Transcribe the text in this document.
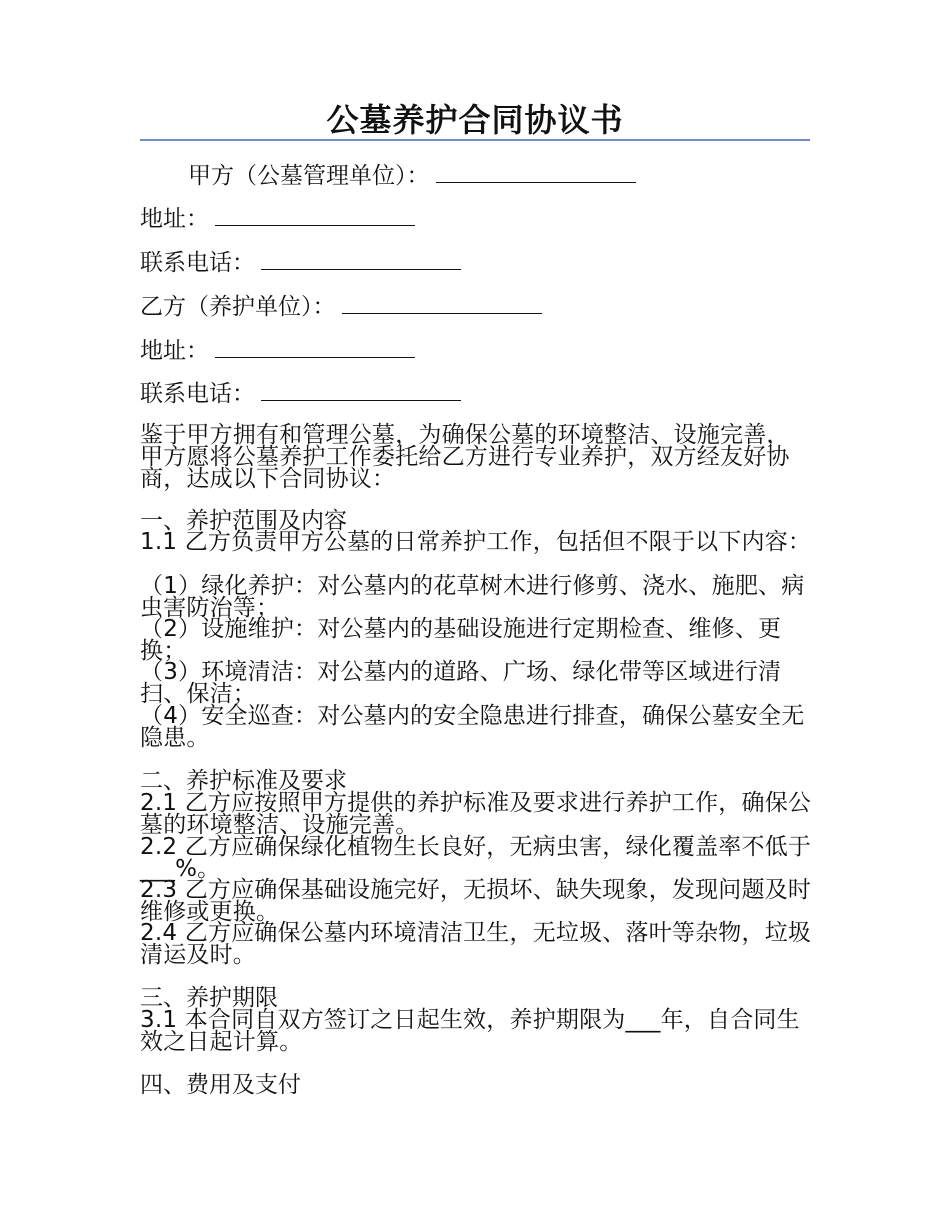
公墓养护合同协议书
甲方（公墓管理单位）：
地址：
联系电话：
乙方（养护单位）：
地址：
联系电话：
鉴于甲方拥有和管理公墓，为确保公墓的环境整洁、设施完善，甲方愿将公墓养护工作委托给乙方进行专业养护，双方经友好协商，达成以下合同协议：
一、养护范围及内容
1.1 乙方负责甲方公墓的日常养护工作，包括但不限于以下内容：
（1）绿化养护：对公墓内的花草树木进行修剪、浇水、施肥、病虫害防治等；
（2）设施维护：对公墓内的基础设施进行定期检查、维修、更换；
（3）环境清洁：对公墓内的道路、广场、绿化带等区域进行清扫、保洁；
（4）安全巡查：对公墓内的安全隐患进行排查，确保公墓安全无隐患。
二、养护标准及要求
2.1 乙方应按照甲方提供的养护标准及要求进行养护工作，确保公墓的环境整洁、设施完善。
2.2 乙方应确保绿化植物生长良好，无病虫害，绿化覆盖率不低于___%。
2.3 乙方应确保基础设施完好，无损坏、缺失现象，发现问题及时维修或更换。
2.4 乙方应确保公墓内环境清洁卫生，无垃圾、落叶等杂物，垃圾清运及时。
三、养护期限
3.1 本合同自双方签订之日起生效，养护期限为___年，自合同生效之日起计算。
四、费用及支付
